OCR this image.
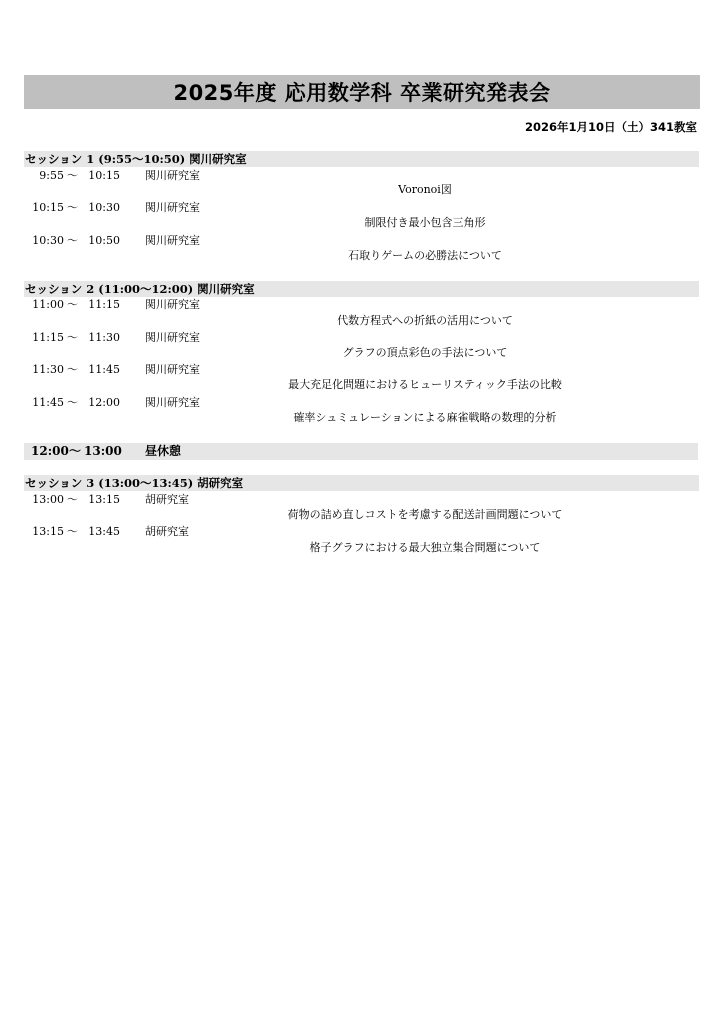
2025年度 応用数学科 卒業研究発表会
2026年1月10日（土）341教室
セッション 1 (9:55〜10:50) 関川研究室
9:55 〜 10:15 関川研究室
Voronoi図
10:15 〜 10:30 関川研究室
制限付き最小包含三角形
10:30 〜 10:50 関川研究室
石取りゲームの必勝法について
セッション 2 (11:00〜12:00) 関川研究室
11:00 〜 11:15 関川研究室
代数方程式への折紙の活用について
11:15 〜 11:30 関川研究室
グラフの頂点彩色の手法について
11:30 〜 11:45 関川研究室
最大充足化問題におけるヒューリスティック手法の比較
11:45 〜 12:00 関川研究室
確率シュミュレーションによる麻雀戦略の数理的分析
12:00 〜 13:00 昼休憩
セッション 3 (13:00〜13:45) 胡研究室
13:00 〜 13:15 胡研究室
荷物の詰め直しコストを考慮する配送計画問題について
13:15 〜 13:45 胡研究室
格子グラフにおける最大独立集合問題について
